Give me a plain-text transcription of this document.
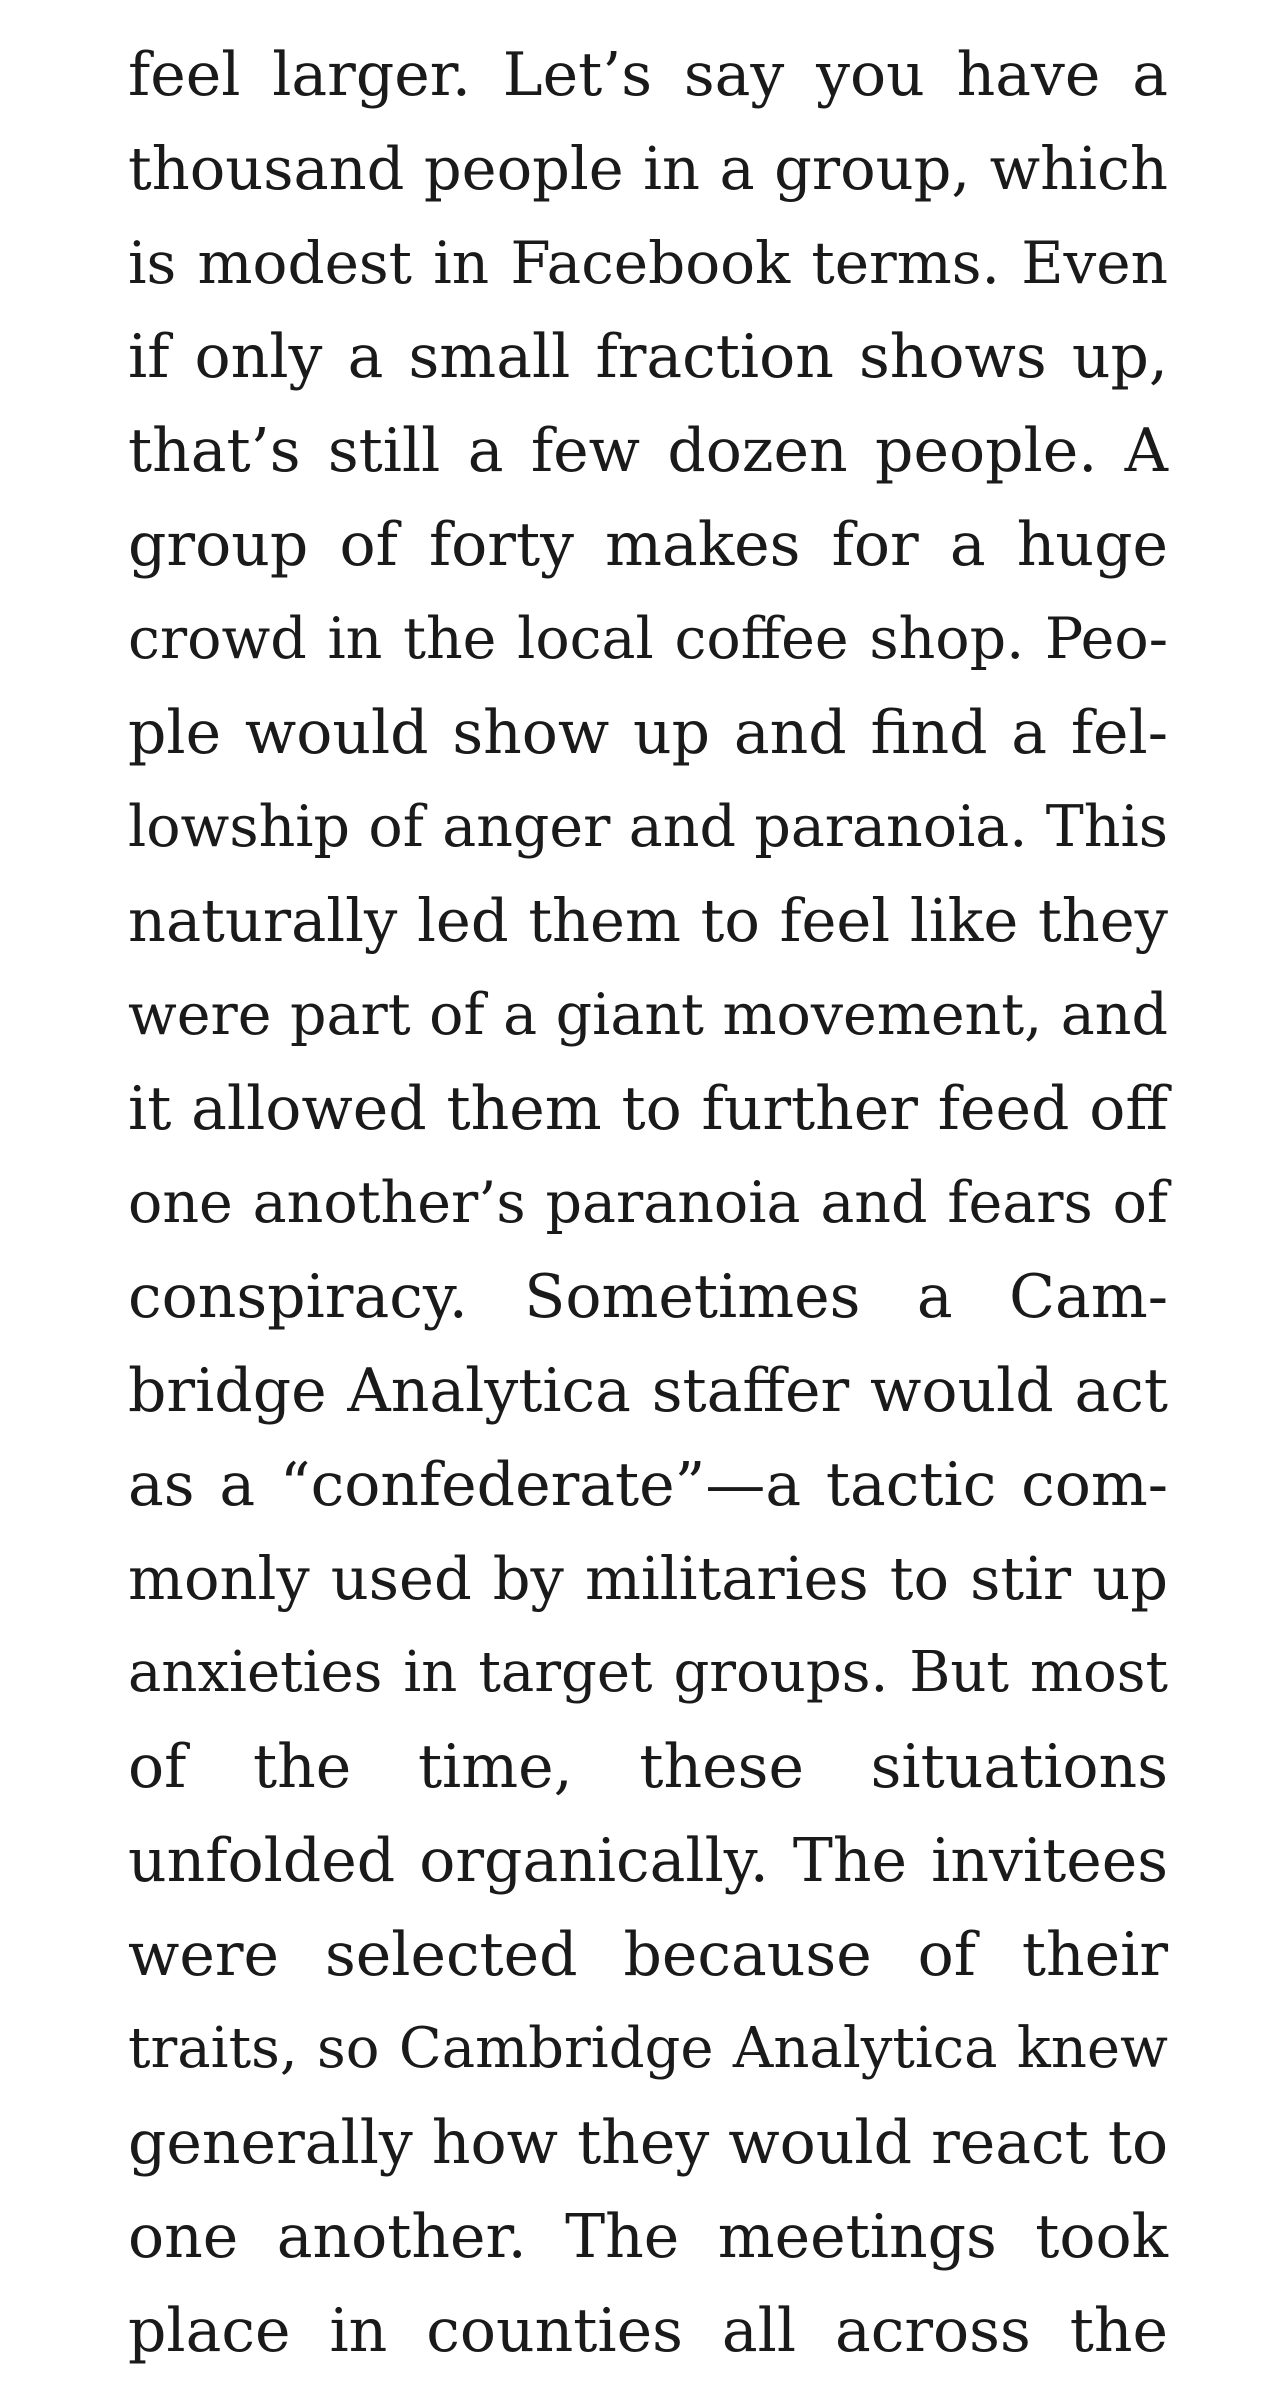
feel larger. Let’s say you have a
thousand people in a group, which
is modest in Facebook terms. Even
if only a small fraction shows up,
that’s still a few dozen people. A
group of forty makes for a huge
crowd in the local coffee shop. Peo-
ple would show up and find a fel-
lowship of anger and paranoia. This
naturally led them to feel like they
were part of a giant movement, and
it allowed them to further feed off
one another’s paranoia and fears of
conspiracy. Sometimes a Cam-
bridge Analytica staffer would act
as a “confederate”—a tactic com-
monly used by militaries to stir up
anxieties in target groups. But most
of the time, these situations
unfolded organically. The invitees
were selected because of their
traits, so Cambridge Analytica knew
generally how they would react to
one another. The meetings took
place in counties all across the
